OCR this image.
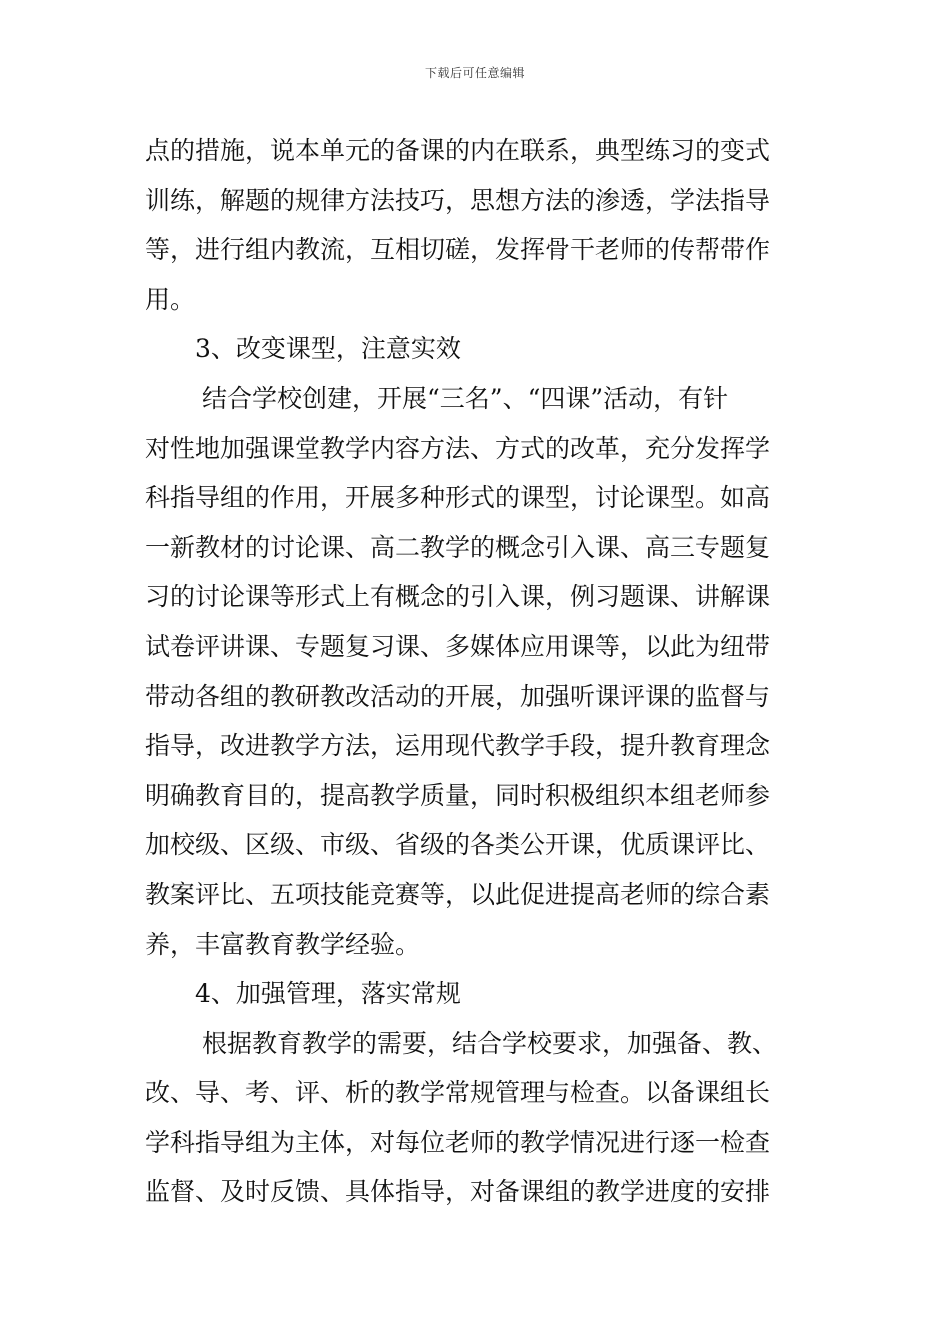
下载后可任意编辑
点的措施，说本单元的备课的内在联系，典型练习的变式
训练，解题的规律方法技巧，思想方法的渗透，学法指导
等，进行组内教流，互相切磋，发挥骨干老师的传帮带作
用。
3、改变课型，注意实效
结合学校创建，开展“三名”、“四课”活动，有针
对性地加强课堂教学内容方法、方式的改革，充分发挥学
科指导组的作用，开展多种形式的课型，讨论课型。如高
一新教材的讨论课、高二教学的概念引入课、高三专题复
习的讨论课等形式上有概念的引入课，例习题课、讲解课
试卷评讲课、专题复习课、多媒体应用课等，以此为纽带
带动各组的教研教改活动的开展，加强听课评课的监督与
指导，改进教学方法，运用现代教学手段，提升教育理念
明确教育目的，提高教学质量，同时积极组织本组老师参
加校级、区级、市级、省级的各类公开课，优质课评比、
教案评比、五项技能竞赛等，以此促进提高老师的综合素
养，丰富教育教学经验。
4、加强管理，落实常规
根据教育教学的需要，结合学校要求，加强备、教、
改、导、考、评、析的教学常规管理与检查。以备课组长
学科指导组为主体，对每位老师的教学情况进行逐一检查
监督、及时反馈、具体指导，对备课组的教学进度的安排
